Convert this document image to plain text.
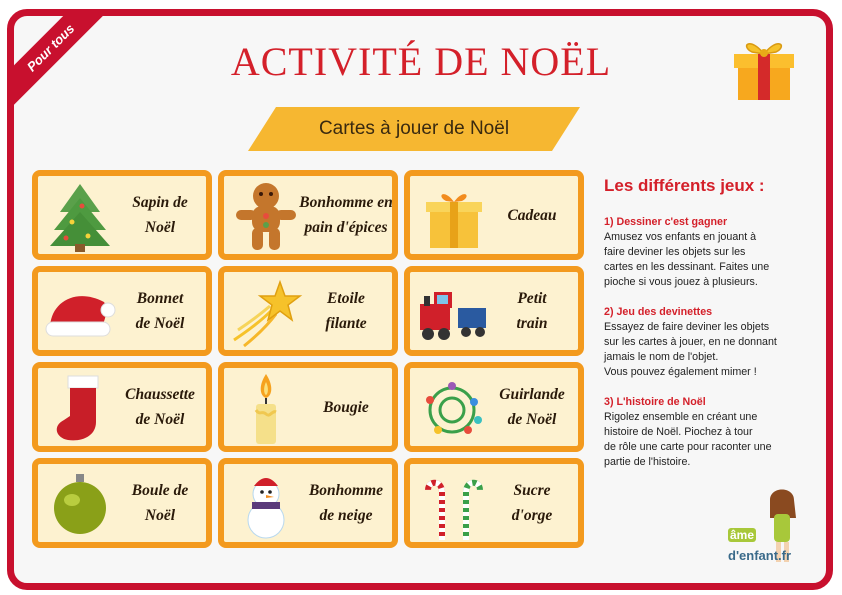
Pour tous	ACTIVITÉ DE NOËL
Cartes à jouer de Noël
Sapin de
Noël
Bonhomme en
pain d'épices
Cadeau
Bonnet
de Noël
Etoile
filante
Petit
train
Chaussette
de Noël
Bougie
Guirlande
de Noël
Boule de
Noël
Bonhomme
de neige
Sucre
d'orge
Les différents jeux :
1) Dessiner c'est gagner

Amusez vos enfants en jouant à
faire deviner les objets sur les
cartes en les dessinant. Faites une
pioche si vous jouez à plusieurs.

2) Jeu des devinettes

Essayez de faire deviner les objets
sur les cartes à jouer, en ne donnant
jamais le nom de l'objet.
Vous pouvez également mimer !

3) L'histoire de Noël

Rigolez ensemble en créant une
histoire de Noël. Piochez à tour
de rôle une carte pour raconter une
partie de l'histoire.

âme
d'enfant.fr
